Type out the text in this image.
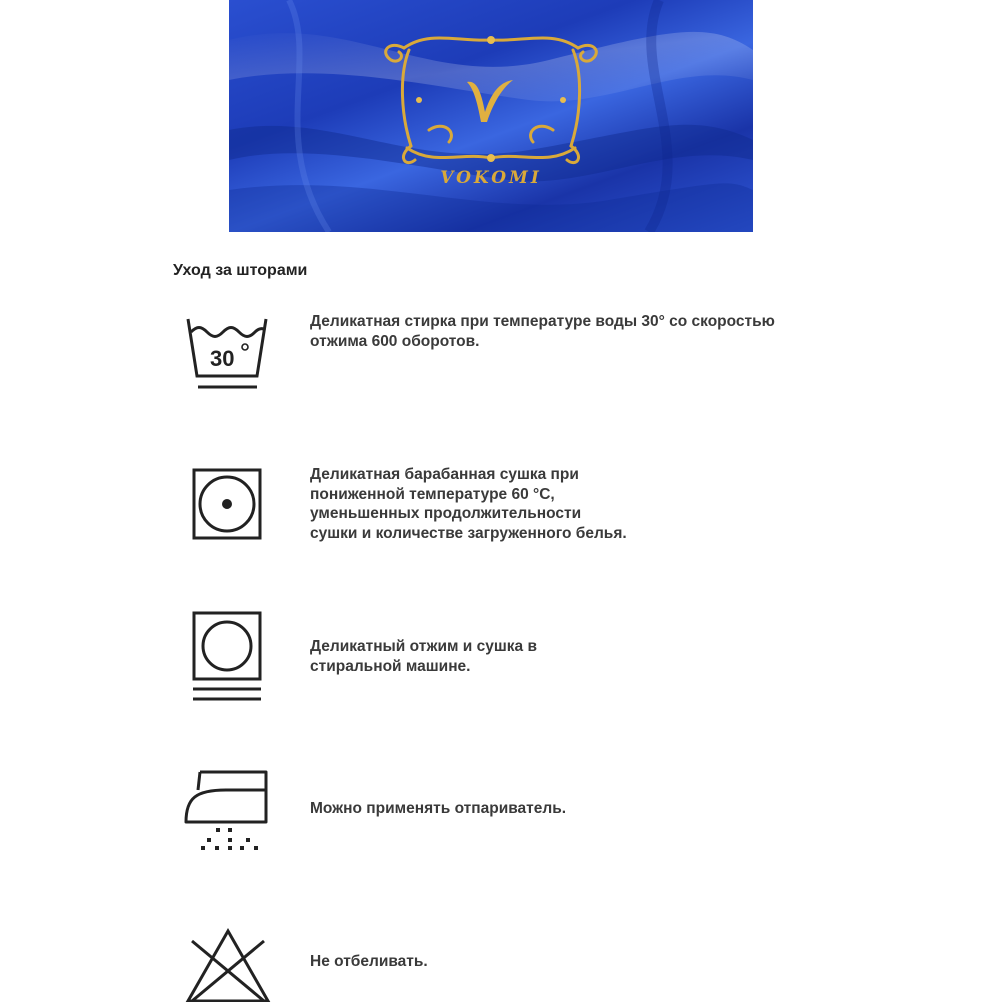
VOKOMI
Уход за шторами
30

Деликатная стирка при температуре воды 30° со скоростью
отжима 600 оборотов.

Деликатная барабанная сушка при
пониженной температуре 60 °С,
уменьшенных продолжительности
сушки и количестве загруженного белья.

Деликатный отжим и сушка в
стиральной машине.

Можно применять отпариватель.

Не отбеливать.
